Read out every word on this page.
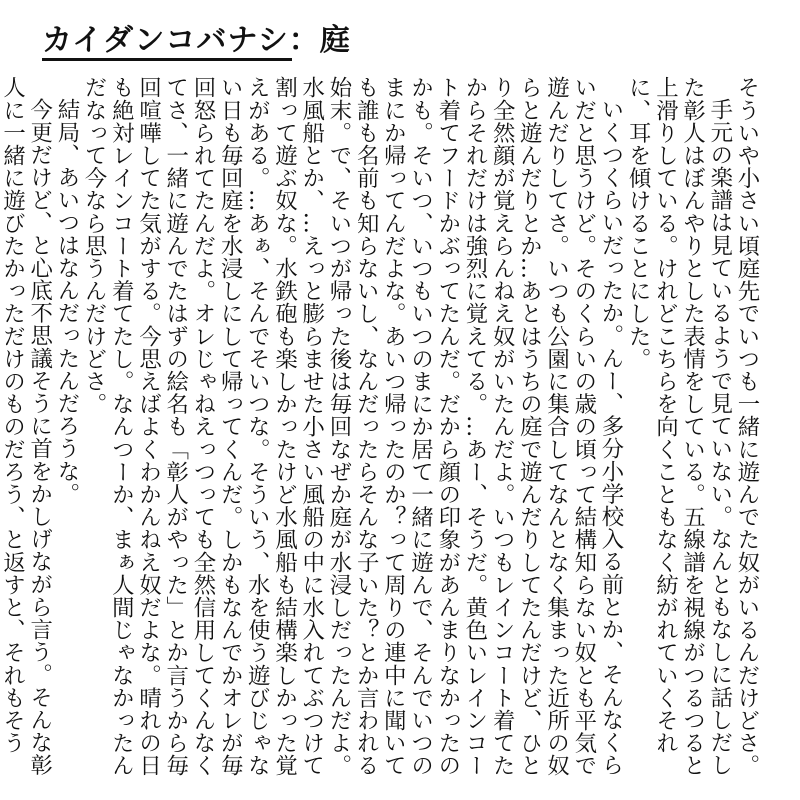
カイダンコバナシ：庭

そういや小さい頃庭先でいつも一緒に遊んでた奴がいるんだけどさ。

手元の楽譜は見ているようで見ていない。なんともなしに話しだした彰人はぼんやりとした表情をしている。五線譜を視線がつるつると上滑りしている。けれどこちらを向くこともなく紡がれていくそれに、耳を傾けることにした。

いくつくらいだったか。んー、多分小学校入る前とか、そんなくらいだと思うけど。そのくらいの歳の頃って結構知らない奴とも平気で遊んだりしてさ。いつも公園に集合してなんとなく集まった近所の奴らと遊んだりとか…あとはうちの庭で遊んだりしてたんだけど、ひとり全然顔が覚えらんねえ奴がいたんだよ。いつもレインコート着てたからそれだけは強烈に覚えてる。…あー、そうだ。黄色いレインコート着てフードかぶってたんだ。だから顔の印象があんまりなかったのかも。そいつ、いつもいつのまにか居て一緒に遊んで、そんでいつのまにか帰ってんだよな。あいつ帰ったのか？って周りの連中に聞いても誰も名前も知らないし、なんだったらそんな子いた？とか言われる始末。で、そいつが帰った後は毎回なぜか庭が水浸しだったんだよ。水風船とか、…えっと膨らませた小さい風船の中に水入れてぶつけて割って遊ぶ奴な。水鉄砲も楽しかったけど水風船も結構楽しかった覚えがある。…あぁ、そんでそいつな。そういう、水を使う遊びじゃない日も毎回庭を水浸しにして帰ってくんだ。しかもなんでかオレが毎回怒られてたんだよ。オレじゃねえっつっても全然信用してくんなくてさ、一緒に遊んでたはずの絵名も「彰人がやった」とか言うから毎回喧嘩してた気がする。今思えばよくわかんねえ奴だよな。晴れの日も絶対レインコート着てたし。なんつーか、まぁ人間じゃなかったんだなって今なら思うんだけどさ。

結局、あいつはなんだったんだろうな。

今更だけど、と心底不思議そうに首をかしげながら言う。そんな彰人に一緒に遊びたかっただけのものだろう、と返すと、それもそう
